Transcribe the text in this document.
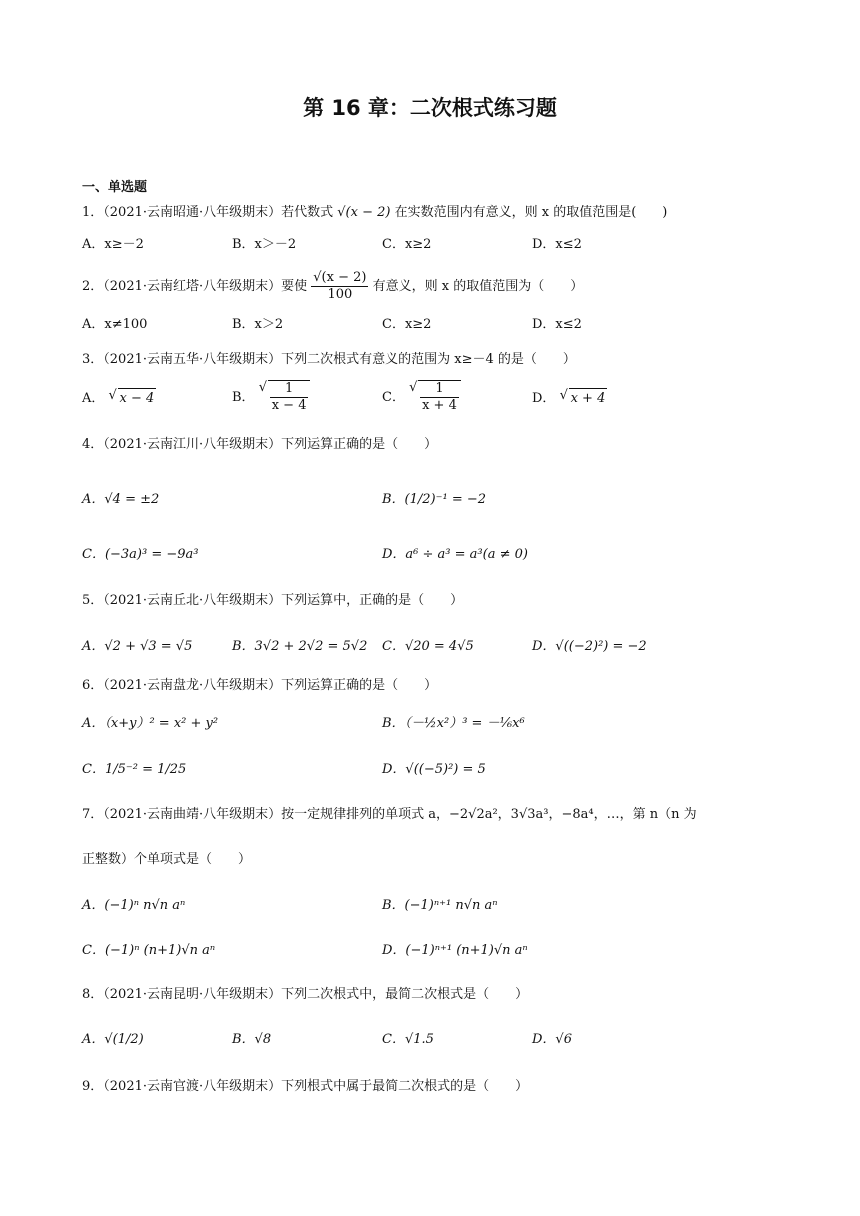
第 16 章：二次根式练习题
一、单选题
1．（2021·云南昭通·八年级期末）若代数式 √(x − 2) 在实数范围内有意义，则 x 的取值范围是(　　)
A．x≥－2	B．x＞－2	C．x≥2	D．x≤2
2．（2021·云南红塔·八年级期末）要使 $\frac{√(x - 2)}{100}$ 有意义，则 x 的取值范围为（　　）
A．x≠100	B．x＞2	C．x≥2	D．x≤2
3．（2021·云南五华·八年级期末）下列二次根式有意义的范围为 x≥－4 的是（　　）
A． √ x − 4	B． √ $\frac{1}{x - 4}$	C． √ $\frac{1}{x + 4}$	D． √ x + 4
4．（2021·云南江川·八年级期末）下列运算正确的是（　　）
A．√4 = ±2	B．(1/2)⁻¹ = −2
C．(−3a)³ = −9a³	D．a⁶ ÷ a³ = a³(a ≠ 0)
5．（2021·云南丘北·八年级期末）下列运算中，正确的是（　　）
A．√2 + √3 = √5	B．3√2 + 2√2 = 5√2 C．√20 = 4√5	D．√((−2)²) = −2
6．（2021·云南盘龙·八年级期末）下列运算正确的是（　　）
A．（x+y）² = x² + y²	B．（－½x²）³ = －⅙x⁶
C．1/5⁻² = 1/25	D．√((−5)²) = 5
7．（2021·云南曲靖·八年级期末）按一定规律排列的单项式 a，−2√2a²，3√3a³，−8a⁴，…，第 n（n 为
正整数）个单项式是（　　）
A．(−1)ⁿ n√n aⁿ	B．(−1)ⁿ⁺¹ n√n aⁿ
C．(−1)ⁿ (n+1)√n aⁿ	D．(−1)ⁿ⁺¹ (n+1)√n aⁿ
8．（2021·云南昆明·八年级期末）下列二次根式中，最简二次根式是（　　）
A．√(1/2)	B．√8	C．√1.5	D．√6
9．（2021·云南官渡·八年级期末）下列根式中属于最简二次根式的是（　　）
